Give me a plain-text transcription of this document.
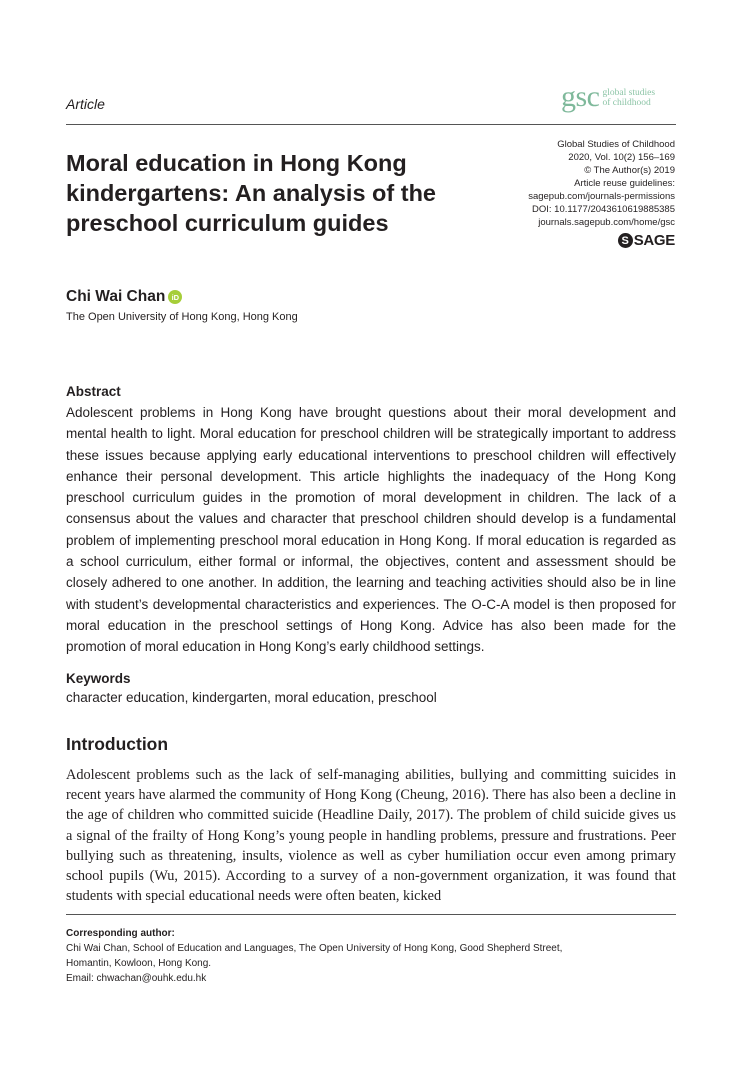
Article	gsc global studies
of childhood
Moral education in Hong Kong
kindergartens: An analysis of the
preschool curriculum guides
Global Studies of Childhood
2020, Vol. 10(2) 156–169
© The Author(s) 2019
Article reuse guidelines:
sagepub.com/journals-permissions
DOI: 10.1177/2043610619885385
journals.sagepub.com/home/gsc
S SAGE
Chi Wai Chan iD
The Open University of Hong Kong, Hong Kong
Abstract
Adolescent problems in Hong Kong have brought questions about their moral development and mental health to light. Moral education for preschool children will be strategically important to address these issues because applying early educational interventions to preschool children will effectively enhance their personal development. This article highlights the inadequacy of the Hong Kong preschool curriculum guides in the promotion of moral development in children. The lack of a consensus about the values and character that preschool children should develop is a fundamental problem of implementing preschool moral education in Hong Kong. If moral education is regarded as a school curriculum, either formal or informal, the objectives, content and assessment should be closely adhered to one another. In addition, the learning and teaching activities should also be in line with student’s developmental characteristics and experiences. The O-C-A model is then proposed for moral education in the preschool settings of Hong Kong. Advice has also been made for the promotion of moral education in Hong Kong’s early childhood settings.
Keywords
character education, kindergarten, moral education, preschool
Introduction
Adolescent problems such as the lack of self-managing abilities, bullying and committing suicides in recent years have alarmed the community of Hong Kong (Cheung, 2016). There has also been a decline in the age of children who committed suicide (Headline Daily, 2017). The problem of child suicide gives us a signal of the frailty of Hong Kong’s young people in handling problems, pressure and frustrations. Peer bullying such as threatening, insults, violence as well as cyber humiliation occur even among primary school pupils (Wu, 2015). According to a survey of a non-government organization, it was found that students with special educational needs were often beaten, kicked
Corresponding author:
Chi Wai Chan, School of Education and Languages, The Open University of Hong Kong, Good Shepherd Street,
Homantin, Kowloon, Hong Kong.
Email: chwachan@ouhk.edu.hk
